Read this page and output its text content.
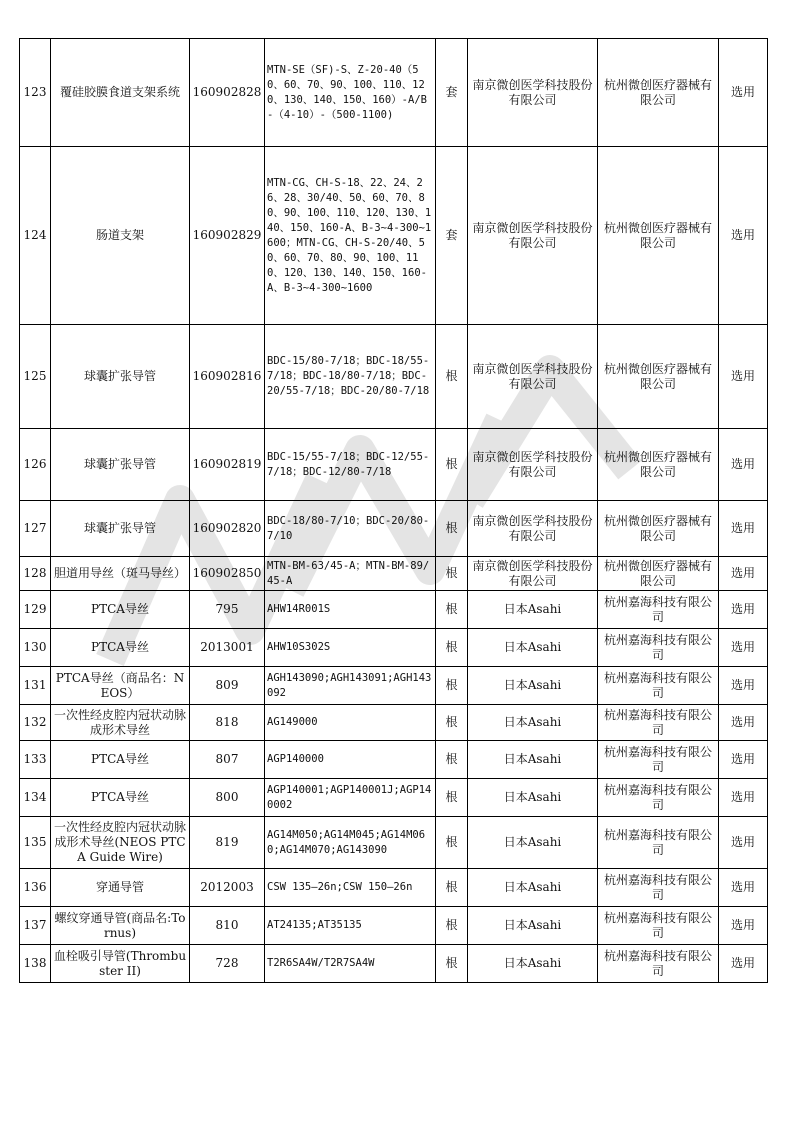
123	覆硅胶膜食道支架系统	160902828	MTN-SE（SF)-S、Z-20-40（50、60、70、90、100、110、120、130、140、150、160）-A/B-（4-10）-（500-1100)	套	南京微创医学科技股份有限公司	杭州微创医疗器械有限公司	选用
124	肠道支架	160902829	MTN-CG、CH-S-18、22、24、26、28、30/40、50、60、70、80、90、100、110、120、130、140、150、160-A、B-3~4-300~1600；MTN-CG、CH-S-20/40、50、60、70、80、90、100、110、120、130、140、150、160-A、B-3~4-300~1600	套	南京微创医学科技股份有限公司	杭州微创医疗器械有限公司	选用
125	球囊扩张导管	160902816	BDC-15/80-7/18；BDC-18/55-7/18；BDC-18/80-7/18；BDC-20/55-7/18；BDC-20/80-7/18	根	南京微创医学科技股份有限公司	杭州微创医疗器械有限公司	选用
126	球囊扩张导管	160902819	BDC-15/55-7/18；BDC-12/55-7/18；BDC-12/80-7/18	根	南京微创医学科技股份有限公司	杭州微创医疗器械有限公司	选用
127	球囊扩张导管	160902820	BDC-18/80-7/10；BDC-20/80-7/10	根	南京微创医学科技股份有限公司	杭州微创医疗器械有限公司	选用
128	胆道用导丝（斑马导丝）	160902850	MTN-BM-63/45-A；MTN-BM-89/45-A	根	南京微创医学科技股份有限公司	杭州微创医疗器械有限公司	选用
129	PTCA导丝	795	AHW14R001S	根	日本Asahi	杭州嘉海科技有限公司	选用
130	PTCA导丝	2013001	AHW10S302S	根	日本Asahi	杭州嘉海科技有限公司	选用
131	PTCA导丝（商品名：NEOS）	809	AGH143090;AGH143091;AGH143092	根	日本Asahi	杭州嘉海科技有限公司	选用
132	一次性经皮腔内冠状动脉成形术导丝	818	AG149000	根	日本Asahi	杭州嘉海科技有限公司	选用
133	PTCA导丝	807	AGP140000	根	日本Asahi	杭州嘉海科技有限公司	选用
134	PTCA导丝	800	AGP140001;AGP140001J;AGP140002	根	日本Asahi	杭州嘉海科技有限公司	选用
135	一次性经皮腔内冠状动脉成形术导丝(NEOS PTCA Guide Wire)	819	AG14M050;AG14M045;AG14M060;AG14M070;AG143090	根	日本Asahi	杭州嘉海科技有限公司	选用
136	穿通导管	2012003	CSW 135—26n;CSW 150—26n	根	日本Asahi	杭州嘉海科技有限公司	选用
137	螺纹穿通导管(商品名:Tornus)	810	AT24135;AT35135	根	日本Asahi	杭州嘉海科技有限公司	选用
138	血栓吸引导管(Thrombuster II)	728	T2R6SA4W/T2R7SA4W	根	日本Asahi	杭州嘉海科技有限公司	选用
